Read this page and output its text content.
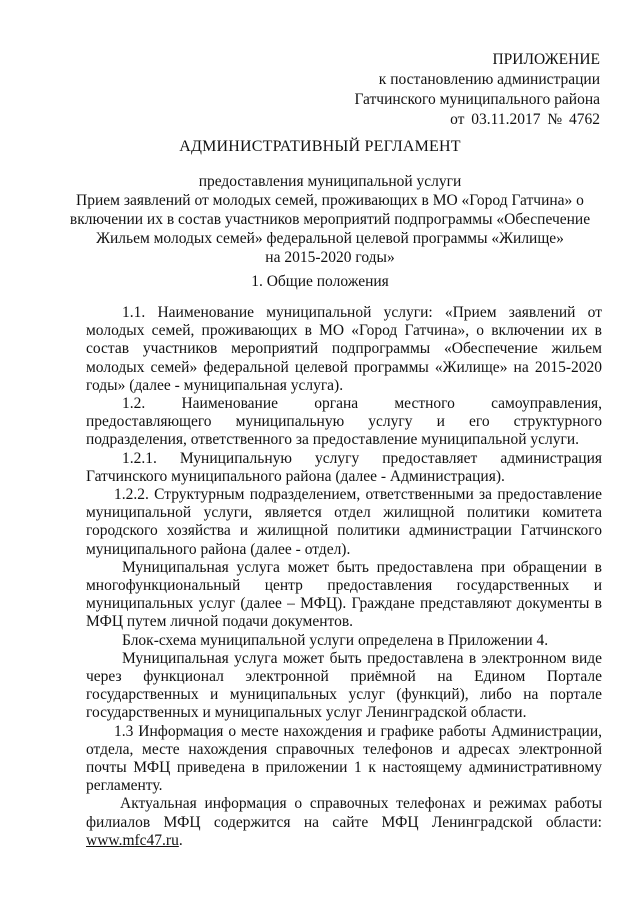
ПРИЛОЖЕНИЕ
к постановлению администрации
Гатчинского муниципального района
от 03.11.2017 № 4762
АДМИНИСТРАТИВНЫЙ РЕГЛАМЕНТ
предоставления муниципальной услуги
Прием заявлений от молодых семей, проживающих в МО «Город Гатчина» о
включении их в состав участников мероприятий подпрограммы «Обеспечение
Жильем молодых семей» федеральной целевой программы «Жилище»
на 2015-2020 годы»
1. Общие положения

1.1. Наименование муниципальной услуги: «Прием заявлений от молодых семей, проживающих в МО «Город Гатчина», о включении их в состав участников мероприятий подпрограммы «Обеспечение жильем молодых семей» федеральной целевой программы «Жилище» на 2015-2020 годы» (далее - муниципальная услуга).

1.2. Наименование органа местного самоуправления, предоставляющего муниципальную услугу и его структурного подразделения, ответственного за предоставление муниципальной услуги.

1.2.1. Муниципальную услугу предоставляет администрация Гатчинского муниципального района (далее - Администрация).

1.2.2. Структурным подразделением, ответственными за предоставление муниципальной услуги, является отдел жилищной политики комитета городского хозяйства и жилищной политики администрации Гатчинского муниципального района (далее - отдел).

Муниципальная услуга может быть предоставлена при обращении в многофункциональный центр предоставления государственных и муниципальных услуг (далее – МФЦ). Граждане представляют документы в МФЦ путем личной подачи документов.

Блок-схема муниципальной услуги определена в Приложении 4.

Муниципальная услуга может быть предоставлена в электронном виде через функционал электронной приёмной на Едином Портале государственных и муниципальных услуг (функций), либо на портале государственных и муниципальных услуг Ленинградской области.

1.3 Информация о месте нахождения и графике работы Администрации, отдела, месте нахождения справочных телефонов и адресах электронной почты МФЦ приведена в приложении 1 к настоящему административному регламенту.

Актуальная информация о справочных телефонах и режимах работы филиалов МФЦ содержится на сайте МФЦ Ленинградской области: www.mfc47.ru.
